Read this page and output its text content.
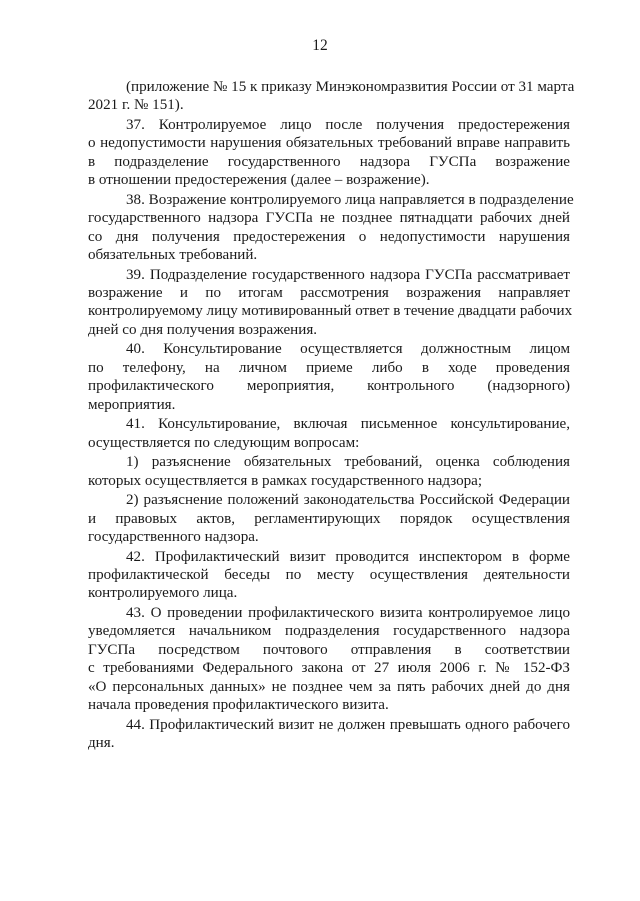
12
(приложение № 15 к приказу Минэкономразвития России от 31 марта
2021 г. № 151).
37. Контролируемое лицо после получения предостережения
о недопустимости нарушения обязательных требований вправе направить
в подразделение государственного надзора ГУСПа возражение
в отношении предостережения (далее – возражение).
38. Возражение контролируемого лица направляется в подразделение
государственного надзора ГУСПа не позднее пятнадцати рабочих дней
со дня получения предостережения о недопустимости нарушения
обязательных требований.
39. Подразделение государственного надзора ГУСПа рассматривает
возражение и по итогам рассмотрения возражения направляет
контролируемому лицу мотивированный ответ в течение двадцати рабочих
дней со дня получения возражения.
40. Консультирование осуществляется должностным лицом
по телефону, на личном приеме либо в ходе проведения
профилактического мероприятия, контрольного (надзорного)
мероприятия.
41. Консультирование, включая письменное консультирование,
осуществляется по следующим вопросам:
1) разъяснение обязательных требований, оценка соблюдения
которых осуществляется в рамках государственного надзора;
2) разъяснение положений законодательства Российской Федерации
и правовых актов, регламентирующих порядок осуществления
государственного надзора.
42. Профилактический визит проводится инспектором в форме
профилактической беседы по месту осуществления деятельности
контролируемого лица.
43. О проведении профилактического визита контролируемое лицо
уведомляется начальником подразделения государственного надзора
ГУСПа посредством почтового отправления в соответствии
с требованиями Федерального закона от 27 июля 2006 г. № 152-ФЗ
«О персональных данных» не позднее чем за пять рабочих дней до дня
начала проведения профилактического визита.
44. Профилактический визит не должен превышать одного рабочего
дня.
